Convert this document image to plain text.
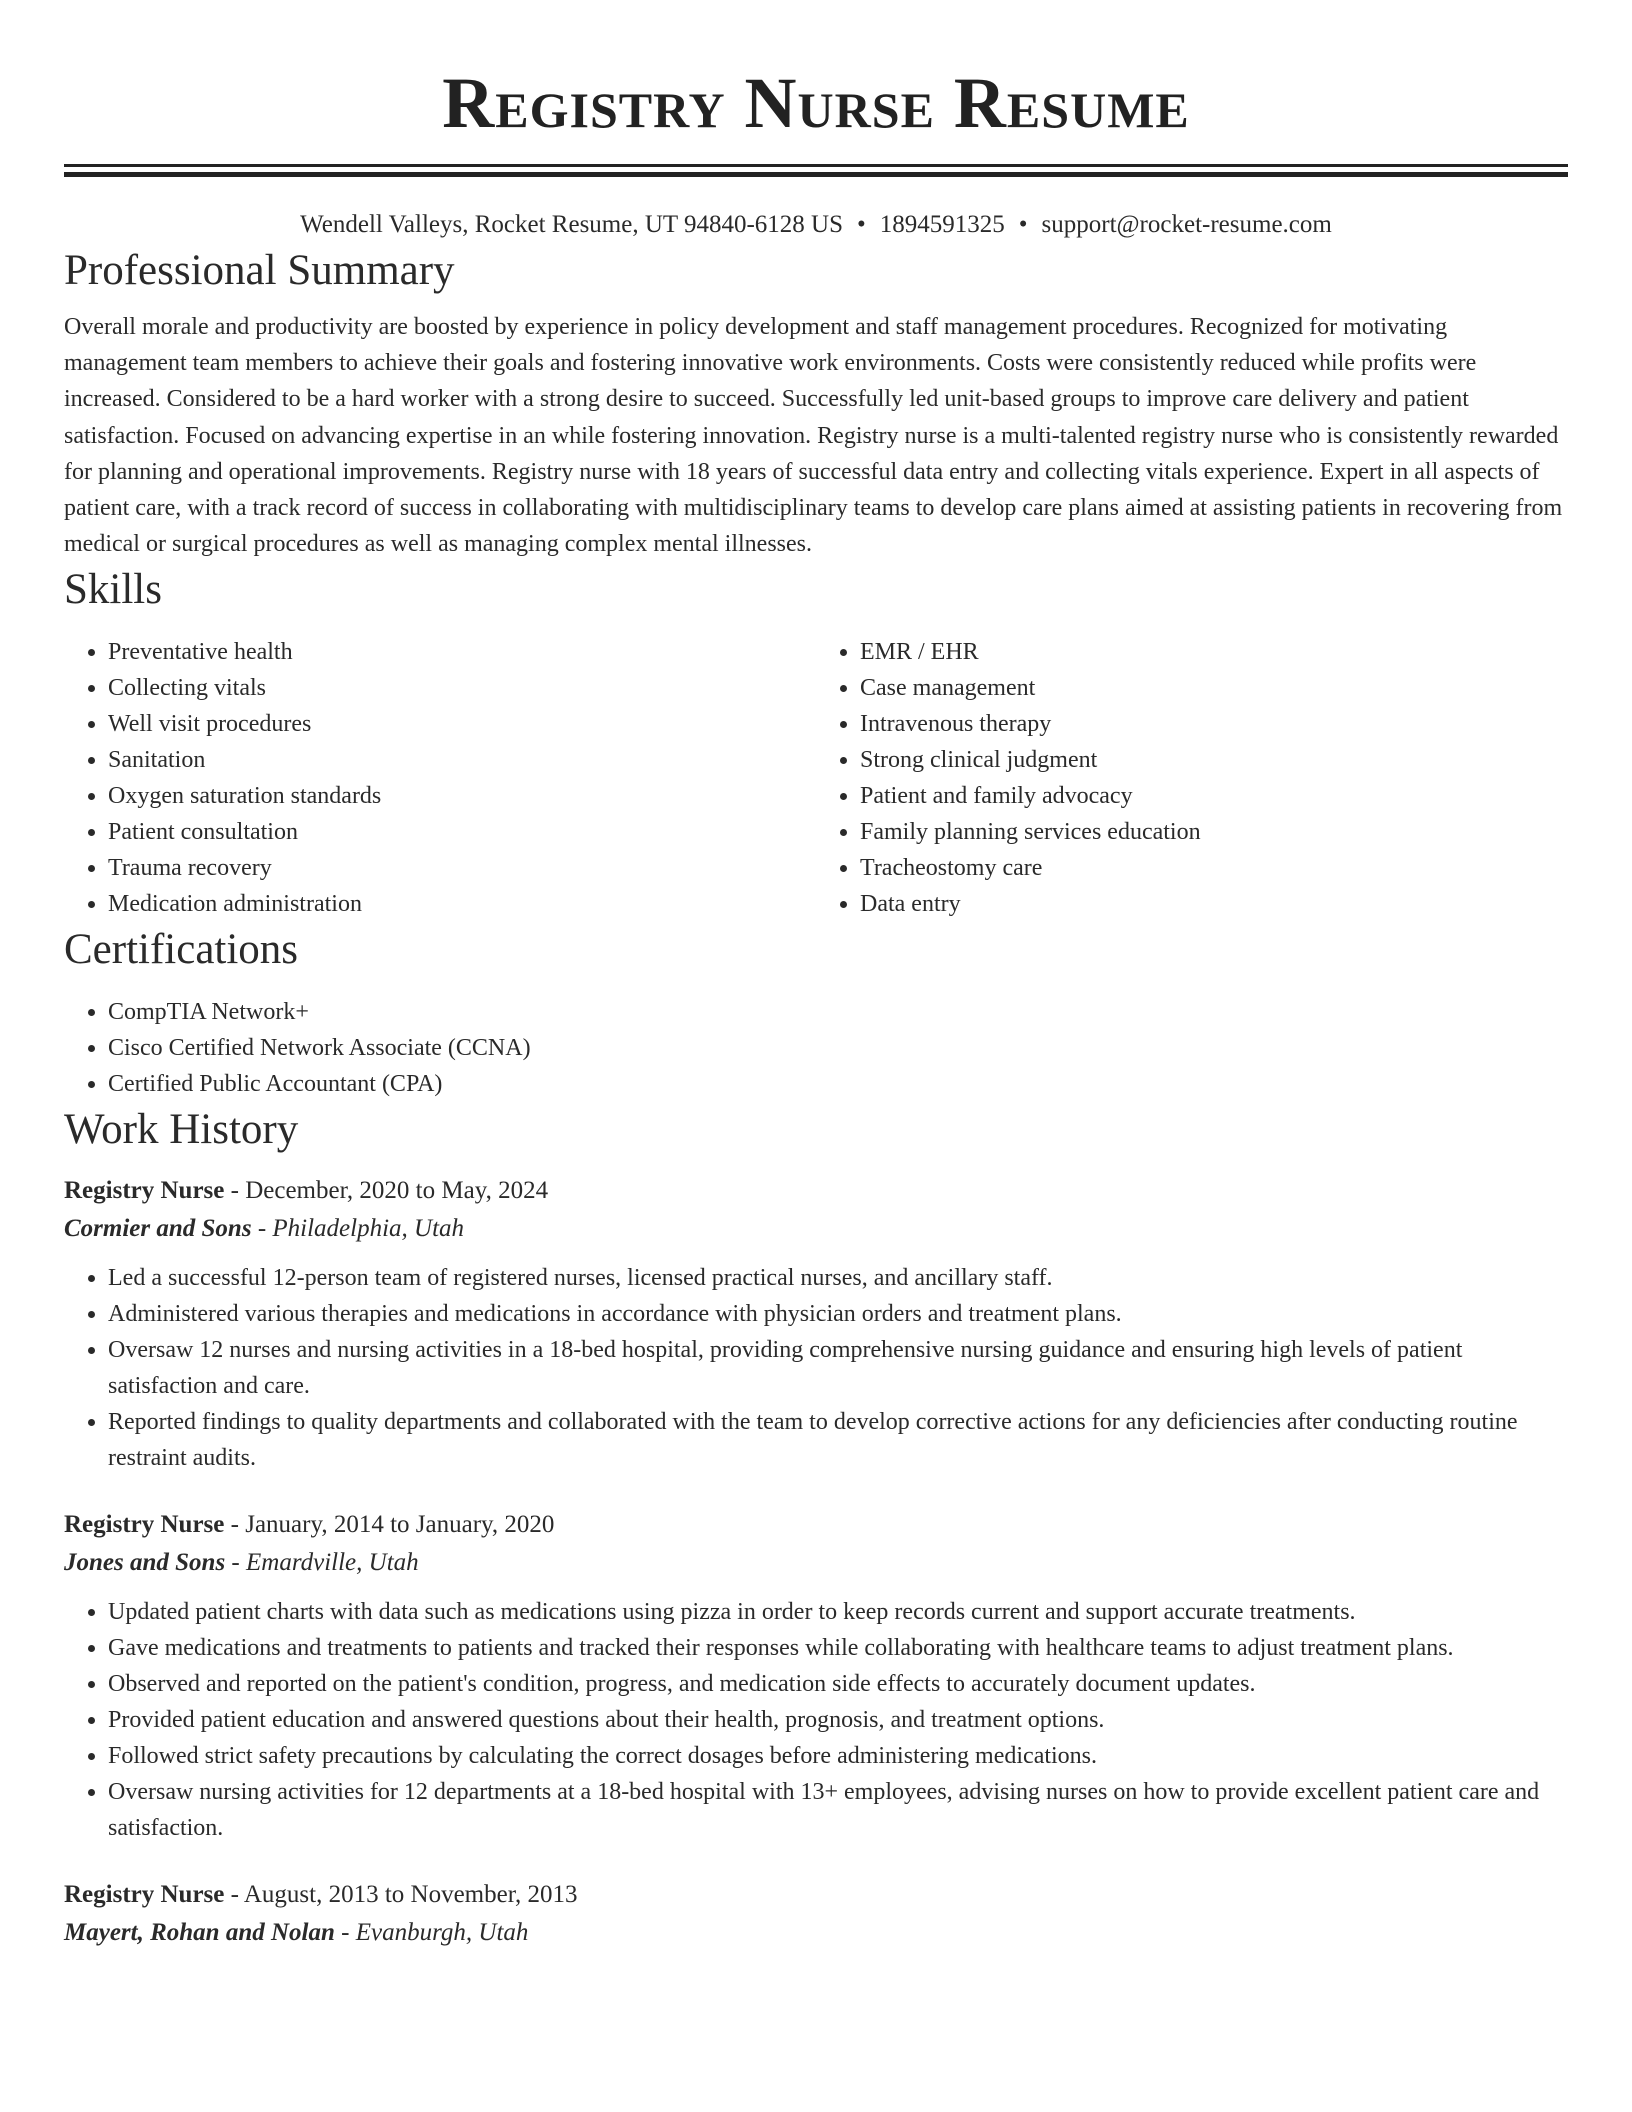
Registry Nurse Resume
Wendell Valleys, Rocket Resume, UT 94840-6128 US • 1894591325 • support@rocket-resume.com
Professional Summary
Overall morale and productivity are boosted by experience in policy development and staff management procedures. Recognized for motivating management team members to achieve their goals and fostering innovative work environments. Costs were consistently reduced while profits were increased. Considered to be a hard worker with a strong desire to succeed. Successfully led unit-based groups to improve care delivery and patient satisfaction. Focused on advancing expertise in an while fostering innovation. Registry nurse is a multi-talented registry nurse who is consistently rewarded for planning and operational improvements. Registry nurse with 18 years of successful data entry and collecting vitals experience. Expert in all aspects of patient care, with a track record of success in collaborating with multidisciplinary teams to develop care plans aimed at assisting patients in recovering from medical or surgical procedures as well as managing complex mental illnesses.
Skills
• Preventative health
• Collecting vitals
• Well visit procedures
• Sanitation
• Oxygen saturation standards
• Patient consultation
• Trauma recovery
• Medication administration
• EMR / EHR
• Case management
• Intravenous therapy
• Strong clinical judgment
• Patient and family advocacy
• Family planning services education
• Tracheostomy care
• Data entry
Certifications
• CompTIA Network+
• Cisco Certified Network Associate (CCNA)
• Certified Public Accountant (CPA)
Work History
Registry Nurse - December, 2020 to May, 2024
Cormier and Sons - Philadelphia, Utah
• Led a successful 12-person team of registered nurses, licensed practical nurses, and ancillary staff.
• Administered various therapies and medications in accordance with physician orders and treatment plans.
• Oversaw 12 nurses and nursing activities in a 18-bed hospital, providing comprehensive nursing guidance and ensuring high levels of patient satisfaction and care.
• Reported findings to quality departments and collaborated with the team to develop corrective actions for any deficiencies after conducting routine restraint audits.
Registry Nurse - January, 2014 to January, 2020
Jones and Sons - Emardville, Utah
• Updated patient charts with data such as medications using pizza in order to keep records current and support accurate treatments.
• Gave medications and treatments to patients and tracked their responses while collaborating with healthcare teams to adjust treatment plans.
• Observed and reported on the patient's condition, progress, and medication side effects to accurately document updates.
• Provided patient education and answered questions about their health, prognosis, and treatment options.
• Followed strict safety precautions by calculating the correct dosages before administering medications.
• Oversaw nursing activities for 12 departments at a 18-bed hospital with 13+ employees, advising nurses on how to provide excellent patient care and satisfaction.
Registry Nurse - August, 2013 to November, 2013
Mayert, Rohan and Nolan - Evanburgh, Utah
